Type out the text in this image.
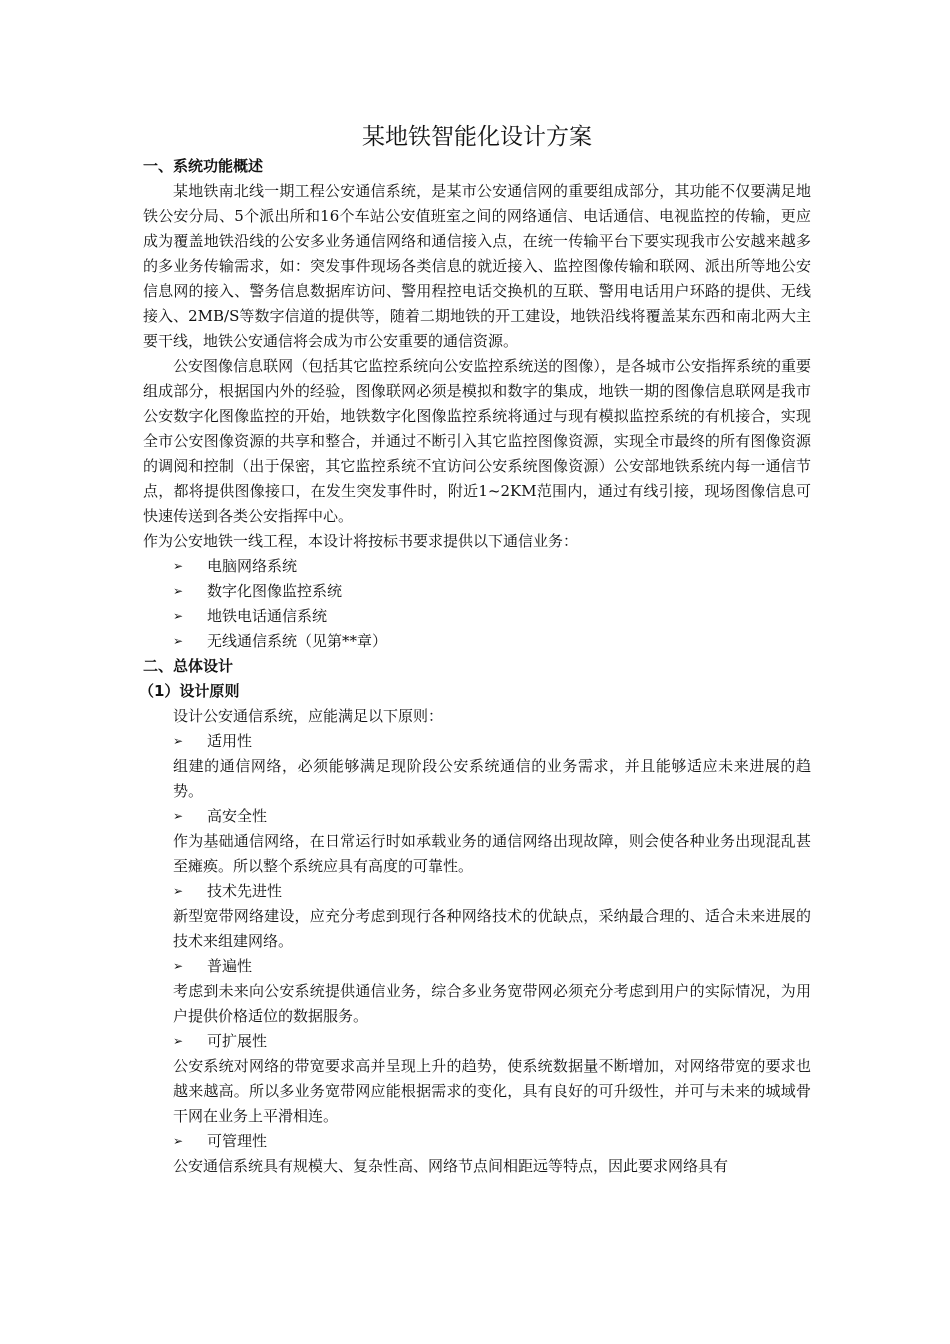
某地铁智能化设计方案
一、系统功能概述

某地铁南北线一期工程公安通信系统，是某市公安通信网的重要组成部分，其功能不仅要满足地铁公安分局、5个派出所和16个车站公安值班室之间的网络通信、电话通信、电视监控的传输，更应成为覆盖地铁沿线的公安多业务通信网络和通信接入点，在统一传输平台下要实现我市公安越来越多的多业务传输需求，如：突发事件现场各类信息的就近接入、监控图像传输和联网、派出所等地公安信息网的接入、警务信息数据库访问、警用程控电话交换机的互联、警用电话用户环路的提供、无线接入、2MB/S等数字信道的提供等，随着二期地铁的开工建设，地铁沿线将覆盖某东西和南北两大主要干线，地铁公安通信将会成为市公安重要的通信资源。

公安图像信息联网（包括其它监控系统向公安监控系统送的图像），是各城市公安指挥系统的重要组成部分，根据国内外的经验，图像联网必须是模拟和数字的集成，地铁一期的图像信息联网是我市公安数字化图像监控的开始，地铁数字化图像监控系统将通过与现有模拟监控系统的有机接合，实现全市公安图像资源的共享和整合，并通过不断引入其它监控图像资源，实现全市最终的所有图像资源的调阅和控制（出于保密，其它监控系统不宜访问公安系统图像资源）公安部地铁系统内每一通信节点，都将提供图像接口，在发生突发事件时，附近1~2KM范围内，通过有线引接，现场图像信息可快速传送到各类公安指挥中心。

作为公安地铁一线工程，本设计将按标书要求提供以下通信业务：

➢	电脑网络系统
➢	数字化图像监控系统
➢	地铁电话通信系统
➢	无线通信系统（见第**章）
二、总体设计
（1）设计原则

设计公安通信系统，应能满足以下原则：

➢	适用性

组建的通信网络，必须能够满足现阶段公安系统通信的业务需求，并且能够适应未来进展的趋势。

➢	高安全性

作为基础通信网络，在日常运行时如承载业务的通信网络出现故障，则会使各种业务出现混乱甚至瘫痪。所以整个系统应具有高度的可靠性。

➢	技术先进性

新型宽带网络建设，应充分考虑到现行各种网络技术的优缺点，采纳最合理的、适合未来进展的技术来组建网络。

➢	普遍性

考虑到未来向公安系统提供通信业务，综合多业务宽带网必须充分考虑到用户的实际情况，为用户提供价格适位的数据服务。

➢	可扩展性

公安系统对网络的带宽要求高并呈现上升的趋势，使系统数据量不断增加，对网络带宽的要求也越来越高。所以多业务宽带网应能根据需求的变化，具有良好的可升级性，并可与未来的城域骨干网在业务上平滑相连。

➢	可管理性

公安通信系统具有规模大、复杂性高、网络节点间相距远等特点，因此要求网络具有
